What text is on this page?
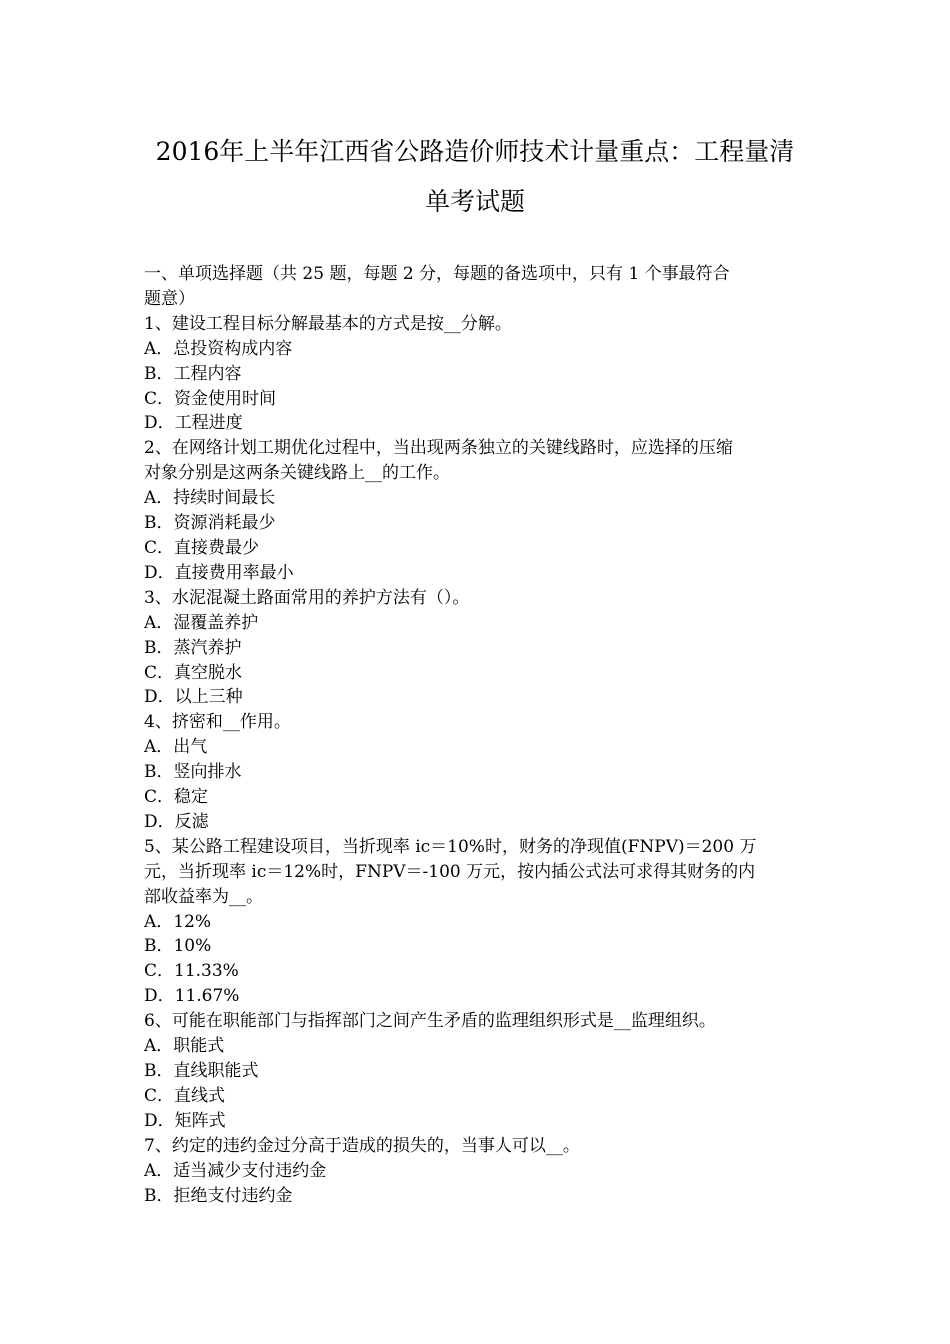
2016年上半年江西省公路造价师技术计量重点：工程量清
单考试题
一、单项选择题（共 25 题，每题 2 分，每题的备选项中，只有 1 个事最符合
题意）
1、建设工程目标分解最基本的方式是按__分解。
A．总投资构成内容
B．工程内容
C．资金使用时间
D．工程进度
2、在网络计划工期优化过程中，当出现两条独立的关键线路时，应选择的压缩
对象分别是这两条关键线路上__的工作。
A．持续时间最长
B．资源消耗最少
C．直接费最少
D．直接费用率最小
3、水泥混凝土路面常用的养护方法有（）。
A．湿覆盖养护
B．蒸汽养护
C．真空脱水
D．以上三种
4、挤密和__作用。
A．出气
B．竖向排水
C．稳定
D．反滤
5、某公路工程建设项目，当折现率 ic＝10%时，财务的净现值(FNPV)＝200 万
元，当折现率 ic＝12%时，FNPV＝-100 万元，按内插公式法可求得其财务的内
部收益率为__。
A．12%
B．10%
C．11.33%
D．11.67%
6、可能在职能部门与指挥部门之间产生矛盾的监理组织形式是__监理组织。
A．职能式
B．直线职能式
C．直线式
D．矩阵式
7、约定的违约金过分高于造成的损失的，当事人可以__。
A．适当减少支付违约金
B．拒绝支付违约金
